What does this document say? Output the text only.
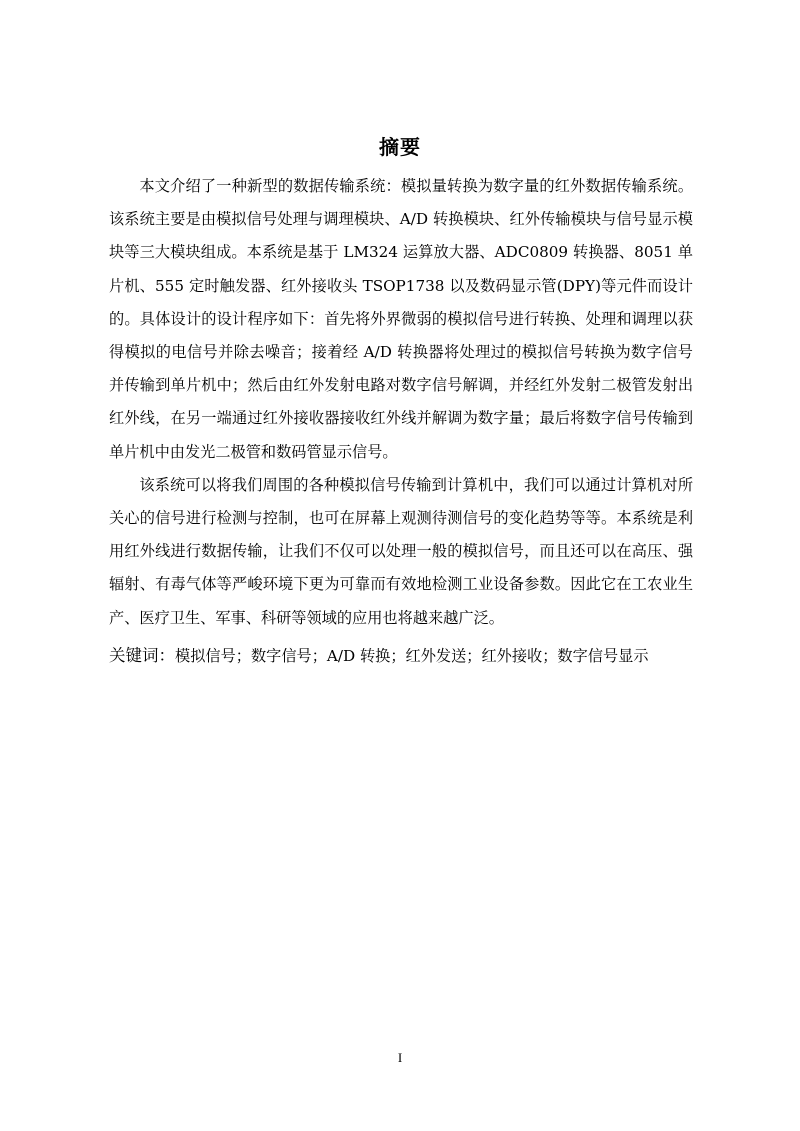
摘要

本文介绍了一种新型的数据传输系统：模拟量转换为数字量的红外数据传输系统。该系统主要是由模拟信号处理与调理模块、A/D 转换模块、红外传输模块与信号显示模块等三大模块组成。本系统是基于 LM324 运算放大器、ADC0809 转换器、8051 单片机、555 定时触发器、红外接收头 TSOP1738 以及数码显示管(DPY)等元件而设计的。具体设计的设计程序如下：首先将外界微弱的模拟信号进行转换、处理和调理以获得模拟的电信号并除去噪音；接着经 A/D 转换器将处理过的模拟信号转换为数字信号并传输到单片机中；然后由红外发射电路对数字信号解调，并经红外发射二极管发射出红外线，在另一端通过红外接收器接收红外线并解调为数字量；最后将数字信号传输到单片机中由发光二极管和数码管显示信号。

该系统可以将我们周围的各种模拟信号传输到计算机中，我们可以通过计算机对所关心的信号进行检测与控制，也可在屏幕上观测待测信号的变化趋势等等。本系统是利用红外线进行数据传输，让我们不仅可以处理一般的模拟信号，而且还可以在高压、强辐射、有毒气体等严峻环境下更为可靠而有效地检测工业设备参数。因此它在工农业生产、医疗卫生、军事、科研等领域的应用也将越来越广泛。

关键词：模拟信号；数字信号；A/D 转换；红外发送；红外接收；数字信号显示

I
